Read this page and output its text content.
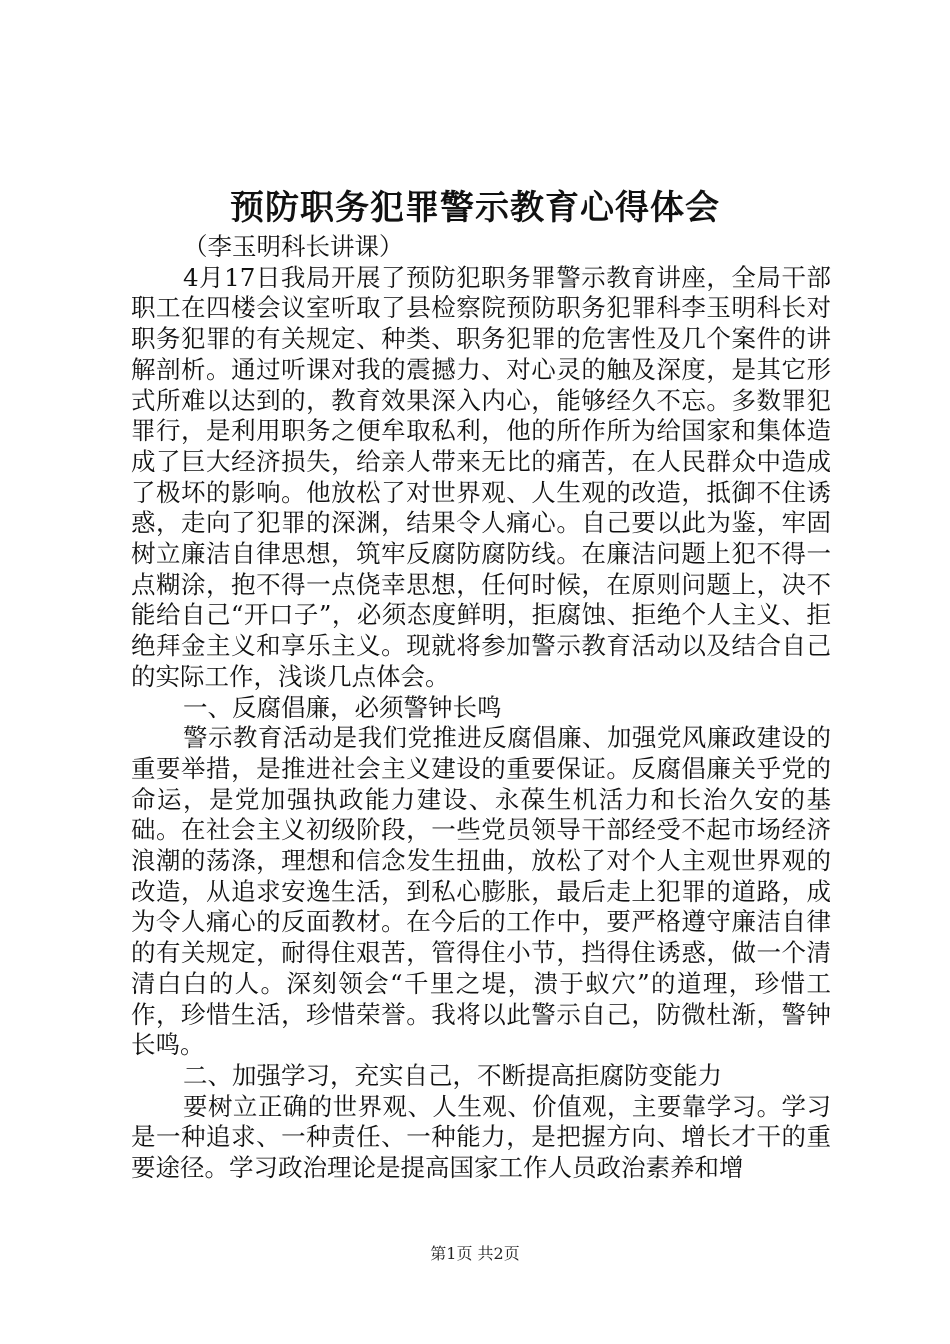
预防职务犯罪警示教育心得体会

（李玉明科长讲课）

4月17日我局开展了预防犯职务罪警示教育讲座，全局干部职工在四楼会议室听取了县检察院预防职务犯罪科李玉明科长对职务犯罪的有关规定、种类、职务犯罪的危害性及几个案件的讲解剖析。通过听课对我的震撼力、对心灵的触及深度，是其它形式所难以达到的，教育效果深入内心，能够经久不忘。多数罪犯罪行，是利用职务之便牟取私利，他的所作所为给国家和集体造成了巨大经济损失，给亲人带来无比的痛苦，在人民群众中造成了极坏的影响。他放松了对世界观、人生观的改造，抵御不住诱惑，走向了犯罪的深渊，结果令人痛心。自己要以此为鉴，牢固树立廉洁自律思想，筑牢反腐防腐防线。在廉洁问题上犯不得一点糊涂，抱不得一点侥幸思想，任何时候，在原则问题上，决不能给自己“开口子”，必须态度鲜明，拒腐蚀、拒绝个人主义、拒绝拜金主义和享乐主义。现就将参加警示教育活动以及结合自己的实际工作，浅谈几点体会。

一、反腐倡廉，必须警钟长鸣

警示教育活动是我们党推进反腐倡廉、加强党风廉政建设的重要举措，是推进社会主义建设的重要保证。反腐倡廉关乎党的命运，是党加强执政能力建设、永葆生机活力和长治久安的基础。在社会主义初级阶段，一些党员领导干部经受不起市场经济浪潮的荡涤，理想和信念发生扭曲，放松了对个人主观世界观的改造，从追求安逸生活，到私心膨胀，最后走上犯罪的道路，成为令人痛心的反面教材。在今后的工作中，要严格遵守廉洁自律的有关规定，耐得住艰苦，管得住小节，挡得住诱惑，做一个清清白白的人。深刻领会“千里之堤，溃于蚁穴”的道理，珍惜工作，珍惜生活，珍惜荣誉。我将以此警示自己，防微杜渐，警钟长鸣。

二、加强学习，充实自己，不断提高拒腐防变能力

要树立正确的世界观、人生观、价值观，主要靠学习。学习是一种追求、一种责任、一种能力，是把握方向、增长才干的重要途径。学习政治理论是提高国家工作人员政治素养和增

第1页 共2页
